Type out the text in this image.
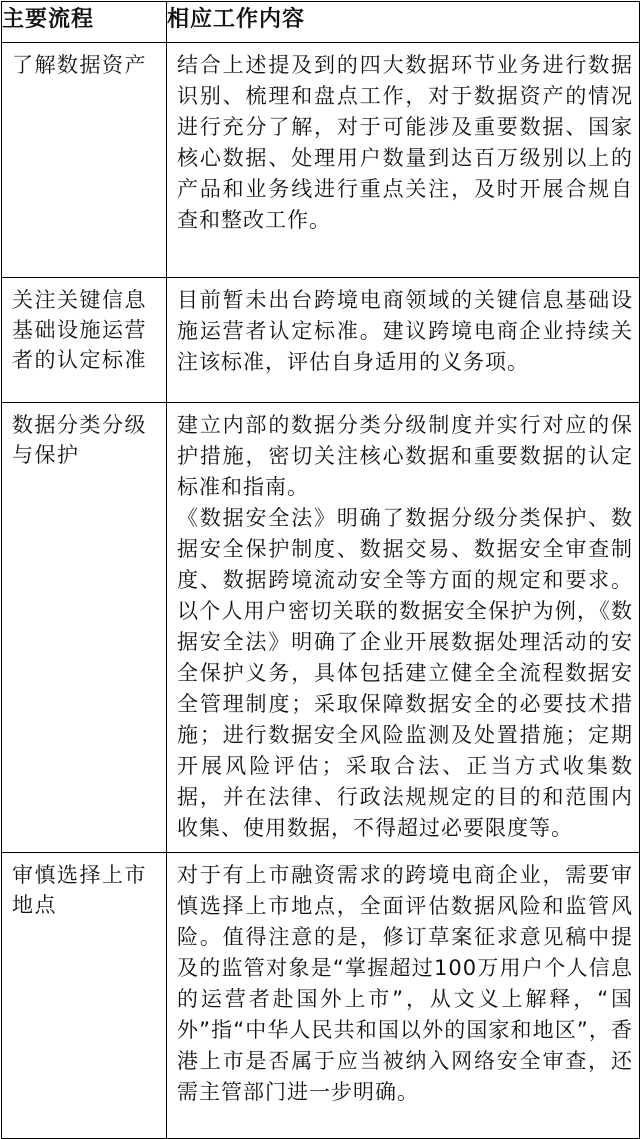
主要流程	相应工作内容
了解数据资产	结合上述提及到的四大数据环节业务进行数据识别、梳理和盘点工作，对于数据资产的情况进行充分了解，对于可能涉及重要数据、国家核心数据、处理用户数量到达百万级别以上的产品和业务线进行重点关注，及时开展合规自查和整改工作。

关注关键信息基础设施运营者的认定标准	目前暂未出台跨境电商领域的关键信息基础设施运营者认定标准。建议跨境电商企业持续关注该标准，评估自身适用的义务项。

数据分类分级与保护	建立内部的数据分类分级制度并实行对应的保护措施，密切关注核心数据和重要数据的认定标准和指南。
《数据安全法》明确了数据分级分类保护、数据安全保护制度、数据交易、数据安全审查制度、数据跨境流动安全等方面的规定和要求。以个人用户密切关联的数据安全保护为例，《数据安全法》明确了企业开展数据处理活动的安全保护义务，具体包括建立健全全流程数据安全管理制度；采取保障数据安全的必要技术措施；进行数据安全风险监测及处置措施；定期开展风险评估；采取合法、正当方式收集数据，并在法律、行政法规规定的目的和范围内收集、使用数据，不得超过必要限度等。

审慎选择上市地点	对于有上市融资需求的跨境电商企业，需要审慎选择上市地点，全面评估数据风险和监管风险。值得注意的是，修订草案征求意见稿中提及的监管对象是“掌握超过100万用户个人信息的运营者赴国外上市”，从文义上解释，“国外”指“中华人民共和国以外的国家和地区”，香港上市是否属于应当被纳入网络安全审查，还需主管部门进一步明确。
